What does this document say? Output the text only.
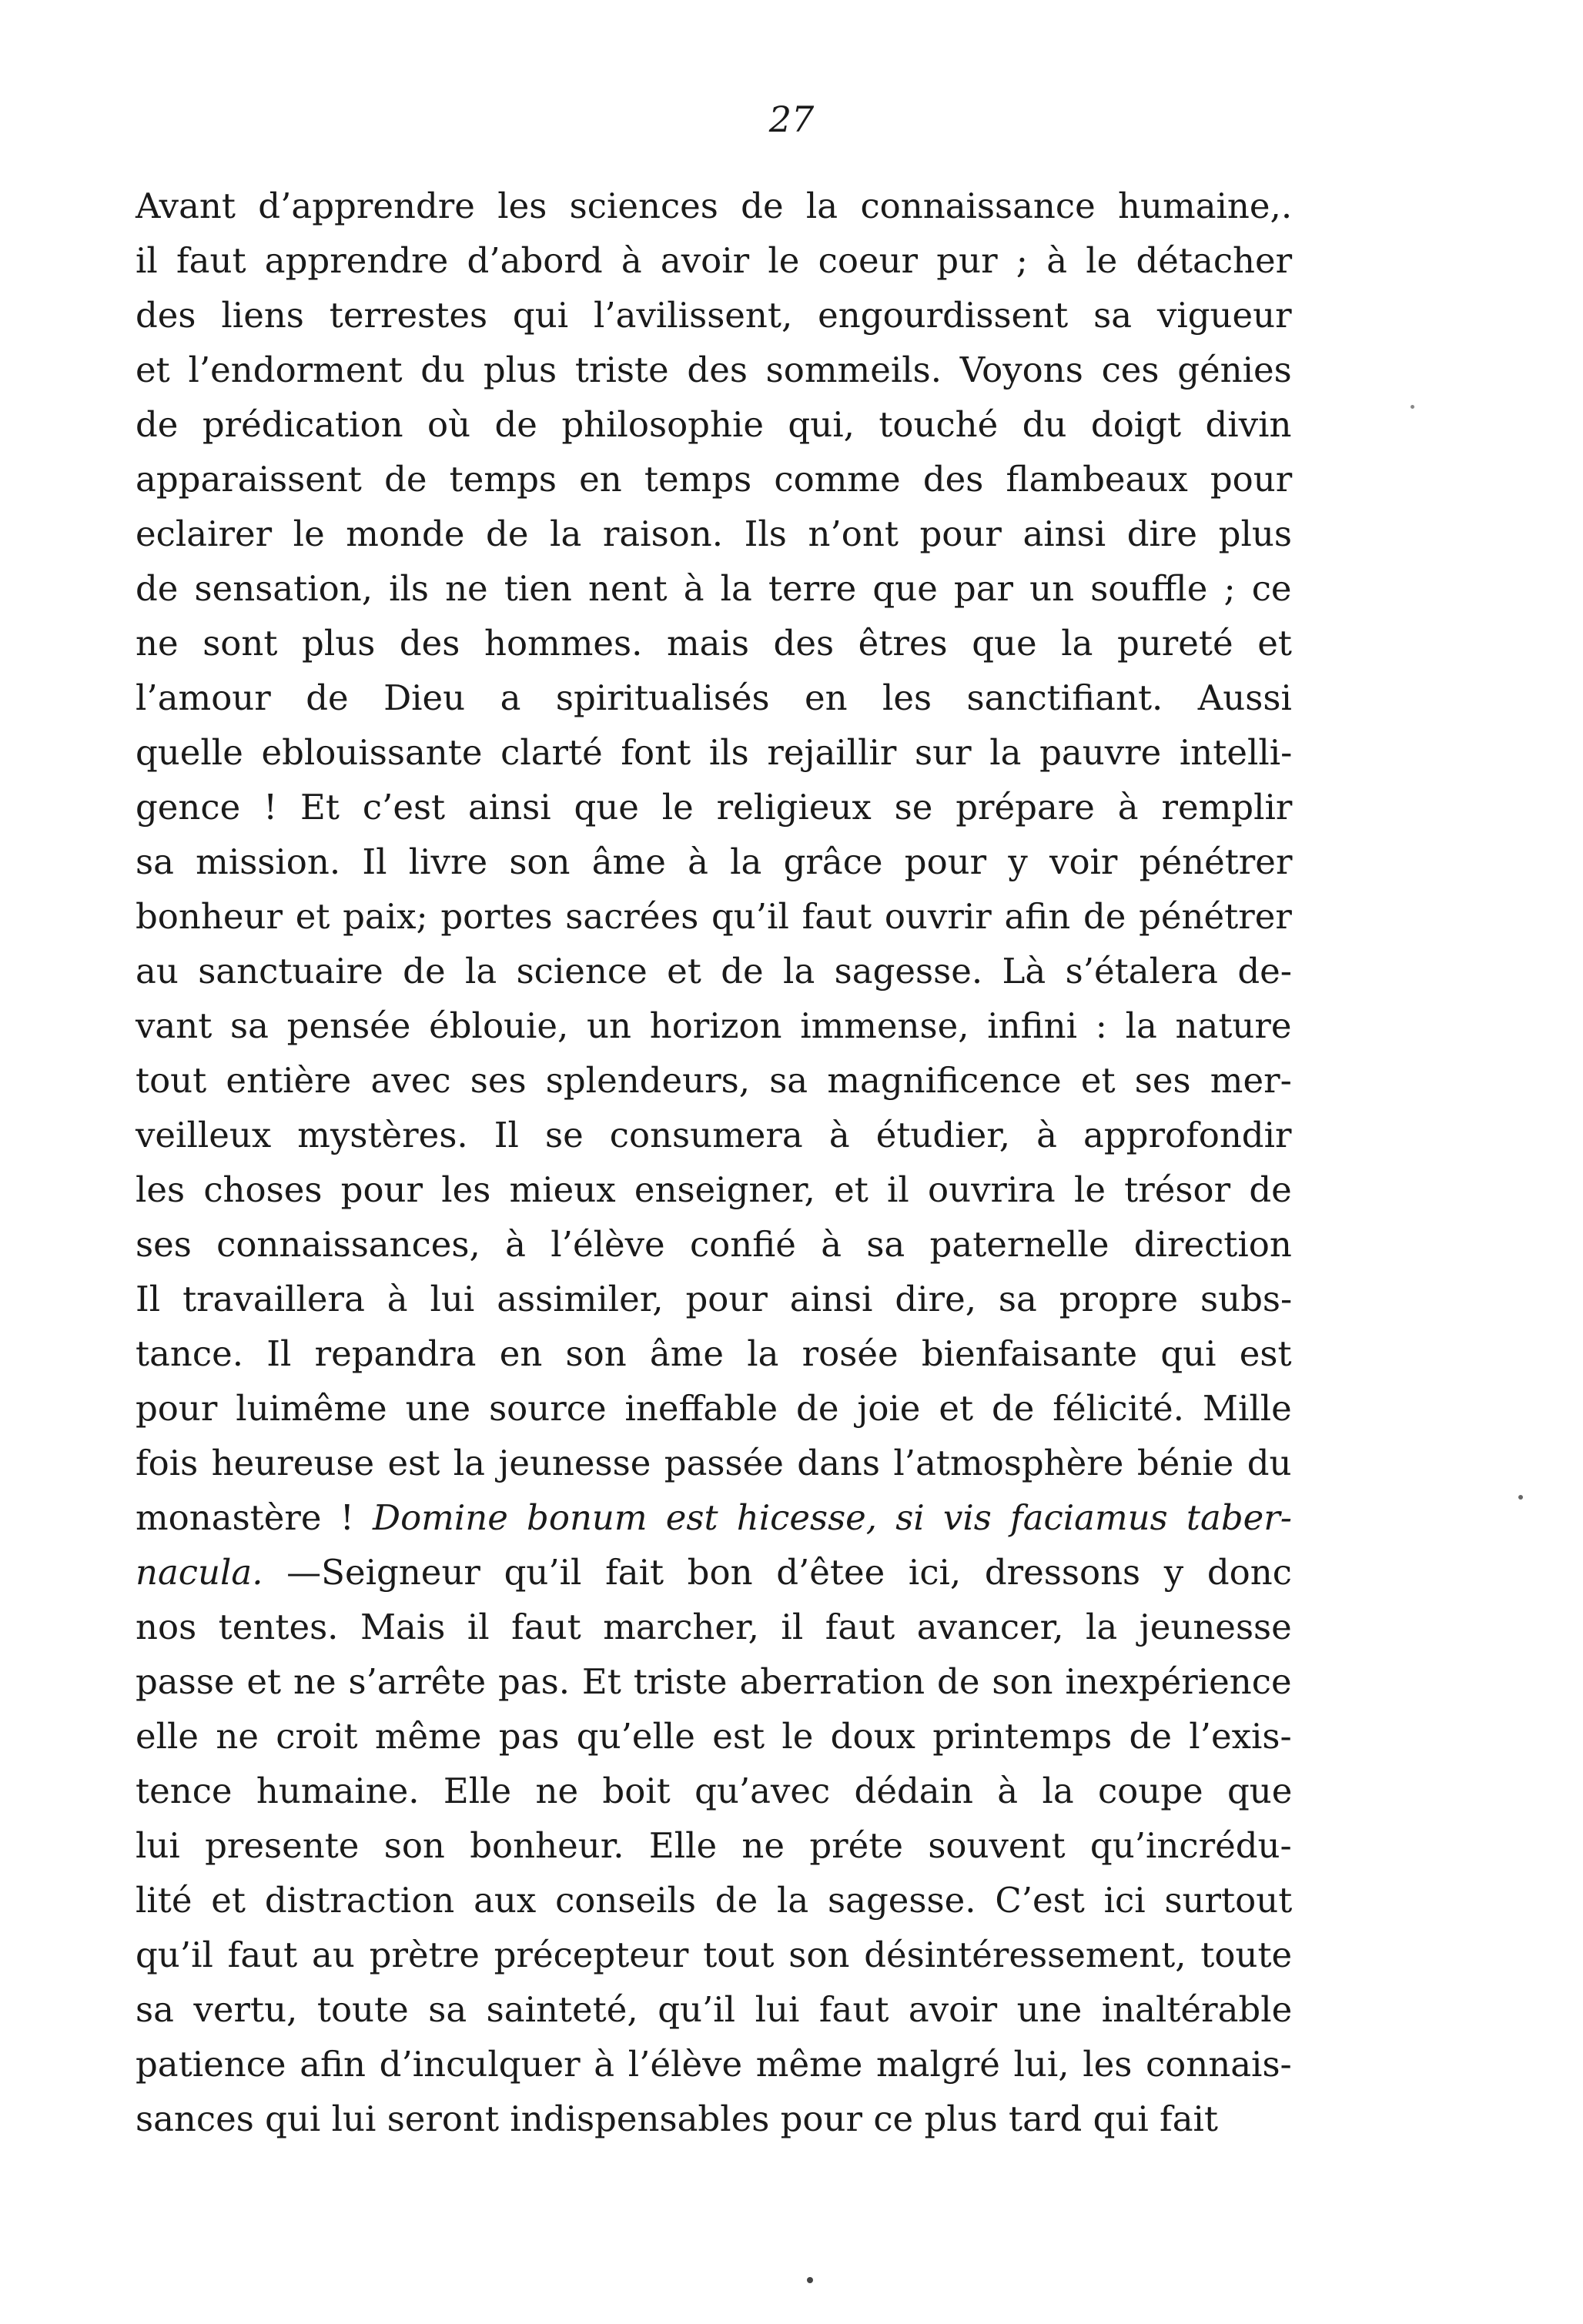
27
Avant d’apprendre les sciences de la connaissance humaine,.
il faut apprendre d’abord à avoir le coeur pur ; à le détacher
des liens terrestes qui l’avilissent, engourdissent sa vigueur
et l’endorment du plus triste des sommeils. Voyons ces génies
de prédication où de philosophie qui, touché du doigt divin
apparaissent de temps en temps comme des flambeaux pour
eclairer le monde de la raison. Ils n’ont pour ainsi dire plus
de sensation, ils ne tien nent à la terre que par un souffle ; ce
ne sont plus des hommes. mais des êtres que la pureté et
l’amour de Dieu a spiritualisés en les sanctifiant. Aussi
quelle eblouissante clarté font ils rejaillir sur la pauvre intelli-
gence ! Et c’est ainsi que le religieux se prépare à remplir
sa mission. Il livre son âme à la grâce pour y voir pénétrer
bonheur et paix; portes sacrées qu’il faut ouvrir afin de pénétrer
au sanctuaire de la science et de la sagesse. Là s’étalera de-
vant sa pensée éblouie, un horizon immense, infini : la nature
tout entière avec ses splendeurs, sa magnificence et ses mer-
veilleux mystères. Il se consumera à étudier, à approfondir
les choses pour les mieux enseigner, et il ouvrira le trésor de
ses connaissances, à l’élève confié à sa paternelle direction
Il travaillera à lui assimiler, pour ainsi dire, sa propre subs-
tance. Il repandra en son âme la rosée bienfaisante qui est
pour luimême une source ineffable de joie et de félicité. Mille
fois heureuse est la jeunesse passée dans l’atmosphère bénie du
monastère ! Domine bonum est hicesse, si vis faciamus taber-
nacula. —Seigneur qu’il fait bon d’êtee ici, dressons y donc
nos tentes. Mais il faut marcher, il faut avancer, la jeunesse
passe et ne s’arrête pas. Et triste aberration de son inexpérience
elle ne croit même pas qu’elle est le doux printemps de l’exis-
tence humaine. Elle ne boit qu’avec dédain à la coupe que
lui presente son bonheur. Elle ne préte souvent qu’incrédu-
lité et distraction aux conseils de la sagesse. C’est ici surtout
qu’il faut au prètre précepteur tout son désintéressement, toute
sa vertu, toute sa sainteté, qu’il lui faut avoir une inaltérable
patience afin d’inculquer à l’élève même malgré lui, les connais-
sances qui lui seront indispensables pour ce plus tard qui fait
